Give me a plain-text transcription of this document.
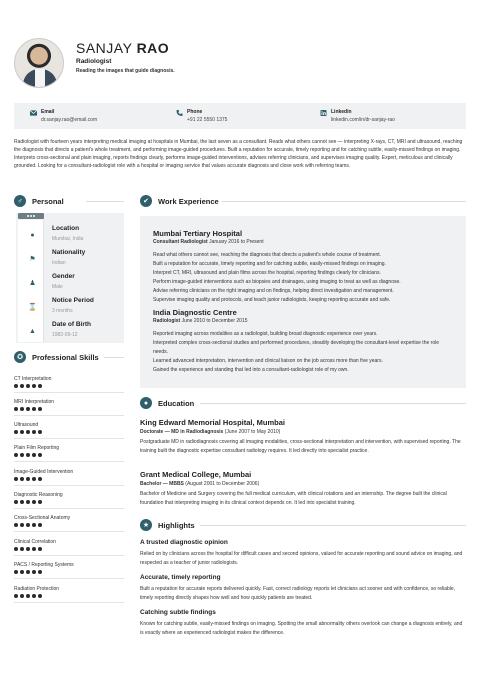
SANJAY RAO
Radiologist
Reading the images that guide diagnosis.
Email
dr.sanjay.rao@email.com
Phone
+91 22 5550 1375
Linkedin
linkedin.com/in/dr-sanjay-rao
Radiologist with fourteen years interpreting medical imaging at hospitals in Mumbai, the last seven as a consultant. Reads what others cannot see — interpreting X-rays, CT, MRI and ultrasound, reaching the diagnosis that directs a patient's whole treatment, and performing image-guided procedures. Built a reputation for accurate, timely reporting and for catching subtle, easily-missed findings on imaging. Interprets cross-sectional and plain imaging, reports findings clearly, performs image-guided interventions, advises referring clinicians, and supervises imaging quality. Expert, meticulous and clinically grounded. Looking for a consultant-radiologist role with a hospital or imaging service that values accurate diagnosis and close work with referring teams.
♂	Personal
●
Location
Mumbai, India
⚑
Nationality
Indian
♟
Gender
Male
⌛
Notice Period
3 months
▲
Date of Birth
1982-09-12
✪	Professional Skills
CT Interpretation
MRI Interpretation
Ultrasound
Plain Film Reporting
Image-Guided Intervention
Diagnostic Reasoning
Cross-Sectional Anatomy
Clinical Correlation
PACS / Reporting Systems
Radiation Protection
✔	Work Experience
Mumbai Tertiary Hospital
Consultant Radiologist January 2016 to Present
Read what others cannot see, reaching the diagnosis that directs a patient's whole course of treatment.
Built a reputation for accurate, timely reporting and for catching subtle, easily-missed findings on imaging.
Interpret CT, MRI, ultrasound and plain films across the hospital, reporting findings clearly for clinicians.
Perform image-guided interventions such as biopsies and drainages, using imaging to treat as well as diagnose.
Advise referring clinicians on the right imaging and on findings, helping direct investigation and management.
Supervise imaging quality and protocols, and teach junior radiologists, keeping reporting accurate and safe.
India Diagnostic Centre
Radiologist June 2010 to December 2015
Reported imaging across modalities as a radiologist, building broad diagnostic experience over years.
Interpreted complex cross-sectional studies and performed procedures, steadily developing the consultant-level expertise the role needs.
Learned advanced interpretation, intervention and clinical liaison on the job across more than five years.
Gained the experience and standing that led into a consultant-radiologist role of my own.
●	Education
King Edward Memorial Hospital, Mumbai
Doctorate — MD in Radiodiagnosis (June 2007 to May 2010)
Postgraduate MD in radiodiagnosis covering all imaging modalities, cross-sectional interpretation and intervention, with supervised reporting. The training built the diagnostic expertise consultant radiology requires. It led directly into specialist practice.
Grant Medical College, Mumbai
Bachelor — MBBS (August 2001 to December 2006)
Bachelor of Medicine and Surgery covering the full medical curriculum, with clinical rotations and an internship. The degree built the clinical foundation that interpreting imaging in its clinical context depends on. It led into specialist training.
★	Highlights
A trusted diagnostic opinion
Relied on by clinicians across the hospital for difficult cases and second opinions, valued for accurate reporting and sound advice on imaging, and respected as a teacher of junior radiologists.
Accurate, timely reporting
Built a reputation for accurate reports delivered quickly. Fast, correct radiology reports let clinicians act sooner and with confidence, so reliable, timely reporting directly shapes how well and how quickly patients are treated.
Catching subtle findings
Known for catching subtle, easily-missed findings on imaging. Spotting the small abnormality others overlook can change a diagnosis entirely, and is exactly where an experienced radiologist makes the difference.
